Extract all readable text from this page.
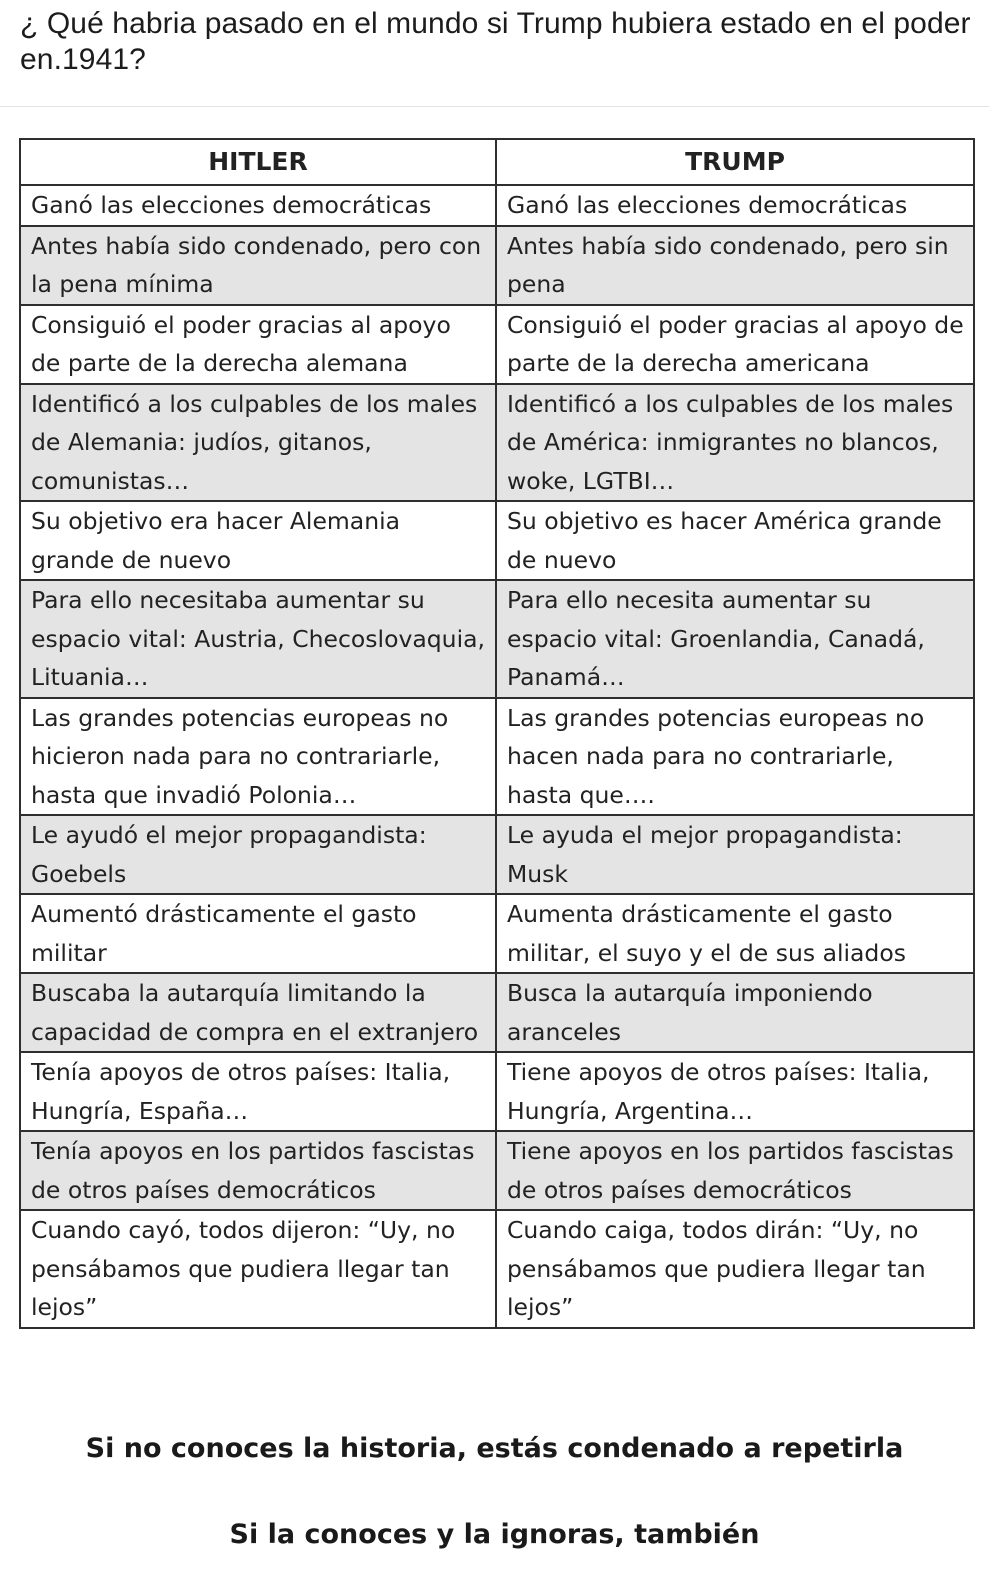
¿ Qué habria pasado en el mundo si Trump hubiera estado en el poder en.1941?
HITLER	TRUMP
Ganó las elecciones democráticas	Ganó las elecciones democráticas
Antes había sido condenado, pero con la pena mínima	Antes había sido condenado, pero sin pena
Consiguió el poder gracias al apoyo de parte de la derecha alemana	Consiguió el poder gracias al apoyo de parte de la derecha americana
Identificó a los culpables de los males de Alemania: judíos, gitanos, comunistas…	Identificó a los culpables de los males de América: inmigrantes no blancos, woke, LGTBI…
Su objetivo era hacer Alemania grande de nuevo	Su objetivo es hacer América grande de nuevo
Para ello necesitaba aumentar su espacio vital: Austria, Checoslovaquia, Lituania…	Para ello necesita aumentar su espacio vital: Groenlandia, Canadá, Panamá…
Las grandes potencias europeas no hicieron nada para no contrariarle, hasta que invadió Polonia…	Las grandes potencias europeas no hacen nada para no contrariarle, hasta que….
Le ayudó el mejor propagandista: Goebels	Le ayuda el mejor propagandista: Musk
Aumentó drásticamente el gasto militar	Aumenta drásticamente el gasto militar, el suyo y el de sus aliados
Buscaba la autarquía limitando la capacidad de compra en el extranjero	Busca la autarquía imponiendo aranceles
Tenía apoyos de otros países: Italia, Hungría, España…	Tiene apoyos de otros países: Italia, Hungría, Argentina…
Tenía apoyos en los partidos fascistas de otros países democráticos	Tiene apoyos en los partidos fascistas de otros países democráticos
Cuando cayó, todos dijeron: “Uy, no pensábamos que pudiera llegar tan lejos”	Cuando caiga, todos dirán: “Uy, no pensábamos que pudiera llegar tan lejos”
Si no conoces la historia, estás condenado a repetirla
Si la conoces y la ignoras, también
